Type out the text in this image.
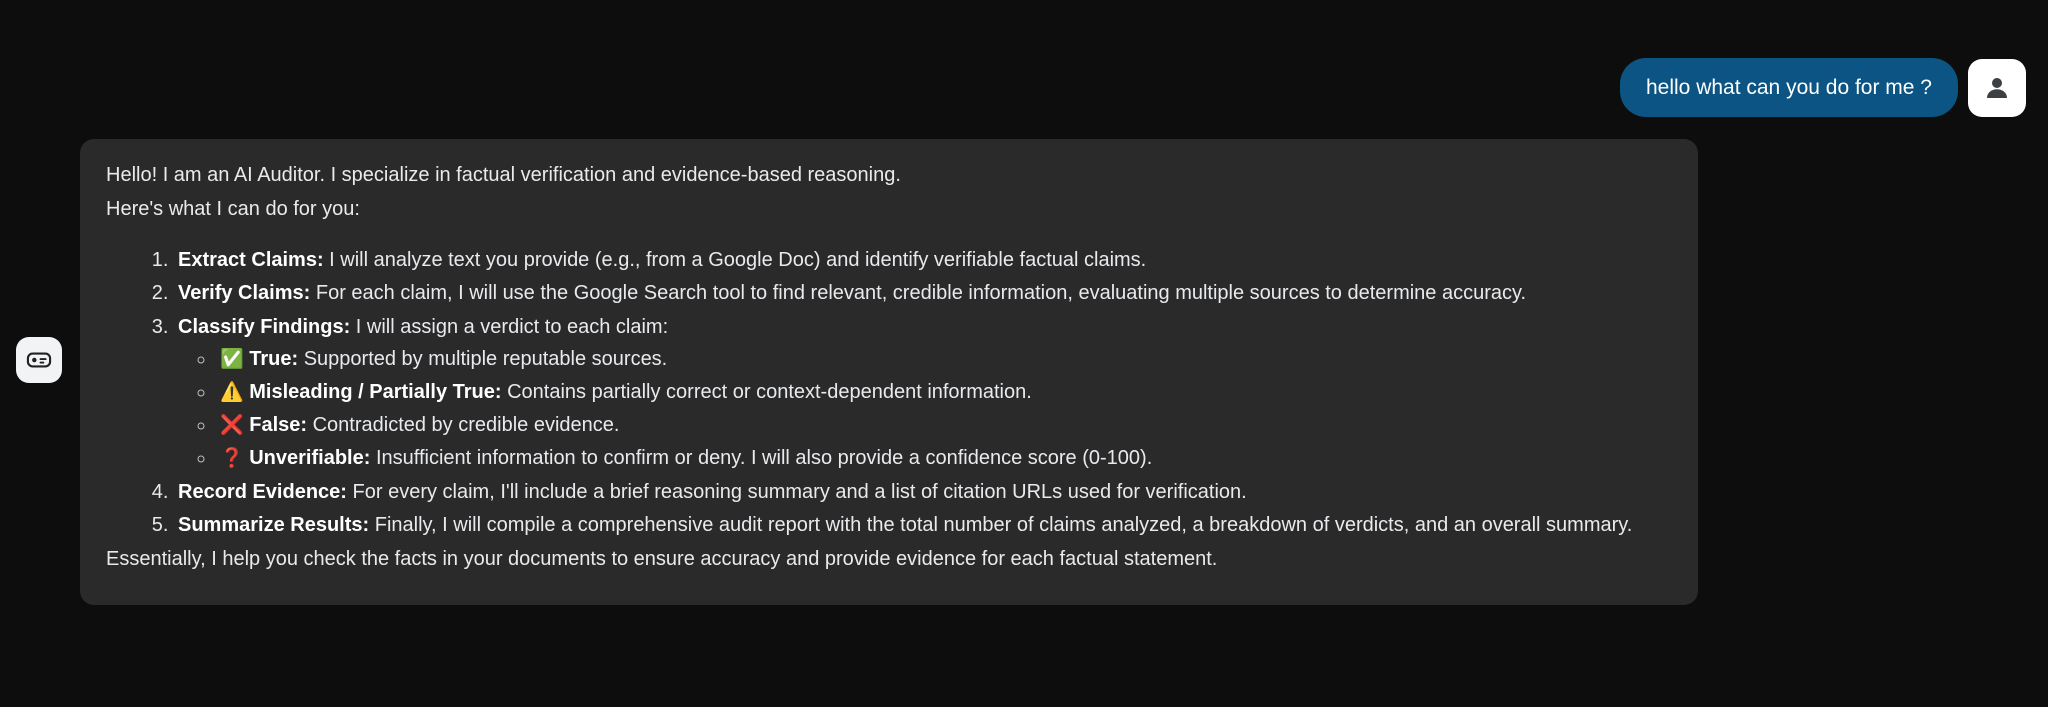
hello what can you do for me ?

Hello! I am an AI Auditor. I specialize in factual verification and evidence-based reasoning.

Here's what I can do for you:

1. Extract Claims: I will analyze text you provide (e.g., from a Google Doc) and identify verifiable factual claims.
2. Verify Claims: For each claim, I will use the Google Search tool to find relevant, credible information, evaluating multiple sources to determine accuracy.
3. Classify Findings: I will assign a verdict to each claim:
◦ ✅ True: Supported by multiple reputable sources.
◦ ⚠️ Misleading / Partially True: Contains partially correct or context-dependent information.
◦ ❌ False: Contradicted by credible evidence.
◦ ❓ Unverifiable: Insufficient information to confirm or deny. I will also provide a confidence score (0-100).
4. Record Evidence: For every claim, I'll include a brief reasoning summary and a list of citation URLs used for verification.
5. Summarize Results: Finally, I will compile a comprehensive audit report with the total number of claims analyzed, a breakdown of verdicts, and an overall summary.

Essentially, I help you check the facts in your documents to ensure accuracy and provide evidence for each factual statement.
